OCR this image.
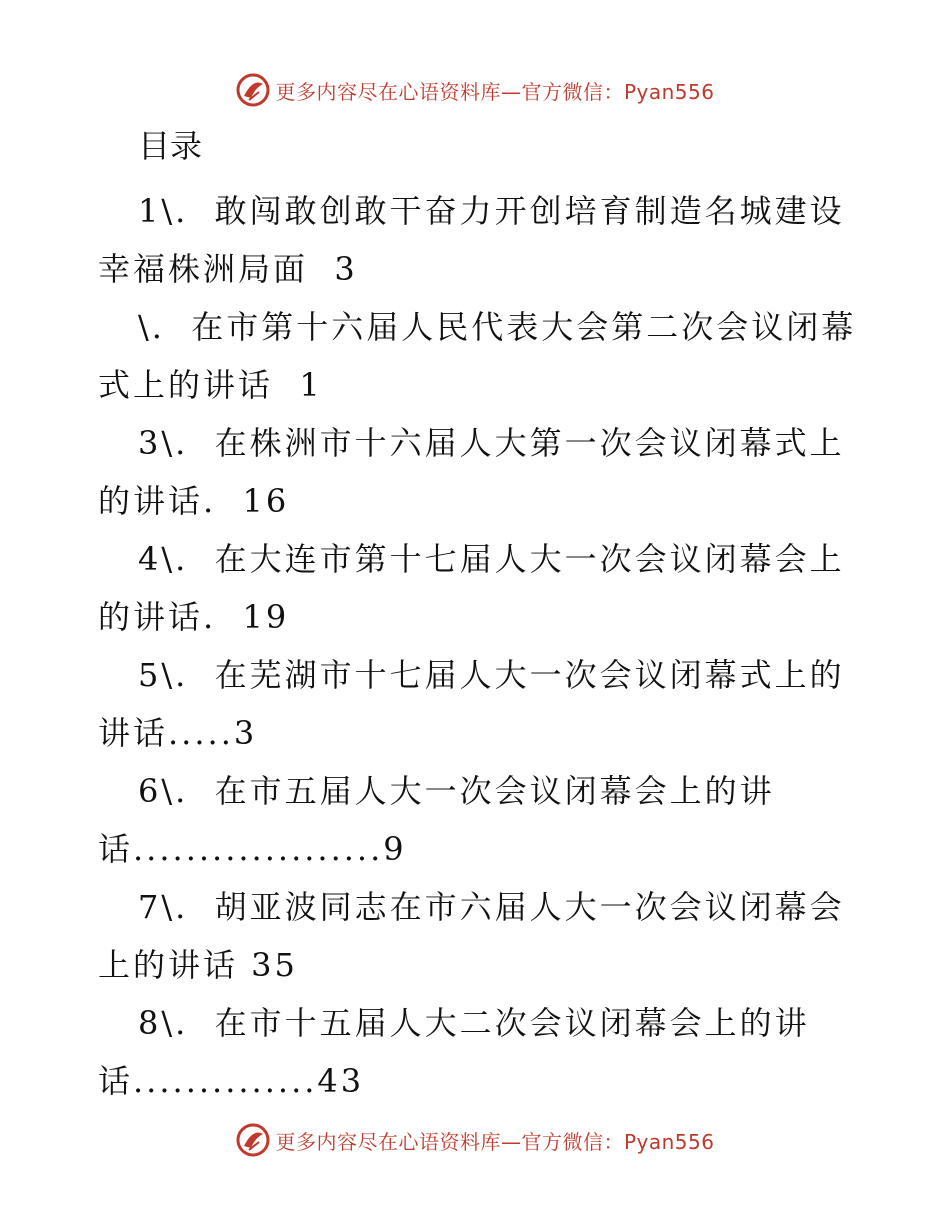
更多内容尽在心语资料库—官方微信：Pyan556
目录
1\.  敢闯敢创敢干奋力开创培育制造名城建设幸福株洲局面  3
\.  在市第十六届人民代表大会第二次会议闭幕式上的讲话  1
3\.  在株洲市十六届人大第一次会议闭幕式上的讲话.  16
4\.  在大连市第十七届人大一次会议闭幕会上的讲话.  19
5\.  在芜湖市十七届人大一次会议闭幕式上的讲话.....3
6\.  在市五届人大一次会议闭幕会上的讲话...................9
7\.  胡亚波同志在市六届人大一次会议闭幕会上的讲话 35
8\.  在市十五届人大二次会议闭幕会上的讲话..............43
更多内容尽在心语资料库—官方微信：Pyan556
